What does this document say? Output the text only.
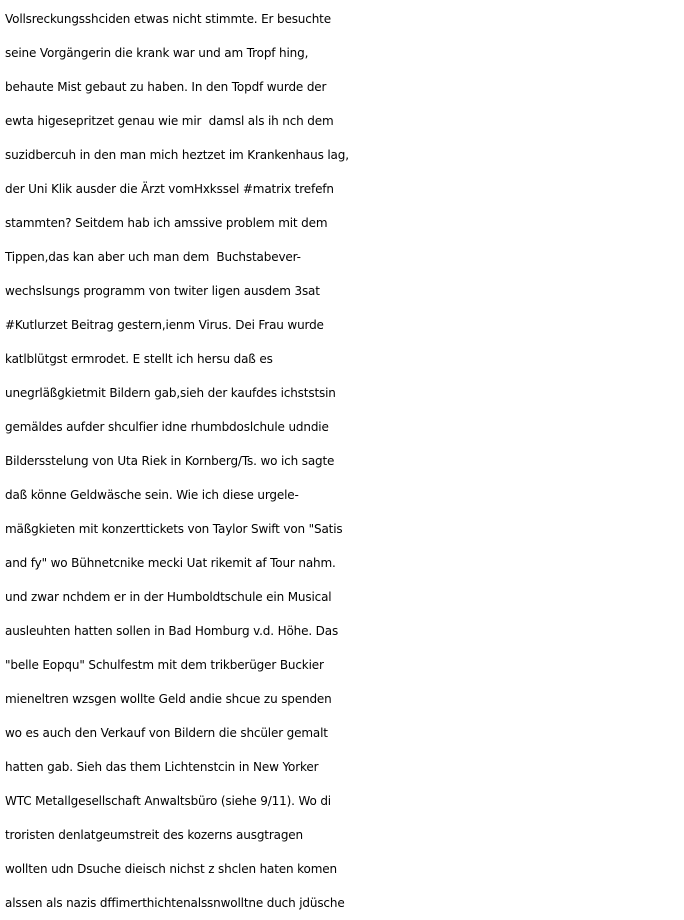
Vollsreckungsshciden etwas nicht stimmte. Er besuchte
seine Vorgängerin die krank war und am Tropf hing,
behaute Mist gebaut zu haben. In den Topdf wurde der
ewta higesepritzet genau wie mir  damsl als ih nch dem
suzidbercuh in den man mich heztzet im Krankenhaus lag,
der Uni Klik ausder die Ärzt vomHxkssel #matrix trefefn
stammten? Seitdem hab ich amssive problem mit dem
Tippen,das kan aber uch man dem  Buchstabever-
wechslsungs programm von twiter ligen ausdem 3sat
#Kutlurzet Beitrag gestern,ienm Virus. Dei Frau wurde
katlblütgst ermrodet. E stellt ich hersu daß es
unegrläßgkietmit Bildern gab,sieh der kaufdes ichststsin
gemäldes aufder shculfier idne rhumbdoslchule udndie
Bildersstelung von Uta Riek in Kornberg/Ts. wo ich sagte
daß könne Geldwäsche sein. Wie ich diese urgele-
mäßgkieten mit konzerttickets von Taylor Swift von "Satis
and fy" wo Bühnetcnike mecki Uat rikemit af Tour nahm.
und zwar nchdem er in der Humboldtschule ein Musical
ausleuhten hatten sollen in Bad Homburg v.d. Höhe. Das
"belle Eopqu" Schulfestm mit dem trikberüger Buckier
mieneltren wzsgen wollte Geld andie shcue zu spenden
wo es auch den Verkauf von Bildern die shcüler gemalt
hatten gab. Sieh das them Lichtenstcin in New Yorker
WTC Metallgesellschaft Anwaltsbüro (siehe 9/11). Wo di
troristen denlatgeumstreit des kozerns ausgtragen
wollten udn Dsuche dieisch nichst z shclen haten komen
alssen als nazis dffimerthichtenalssnwolltne duch jdüsche
